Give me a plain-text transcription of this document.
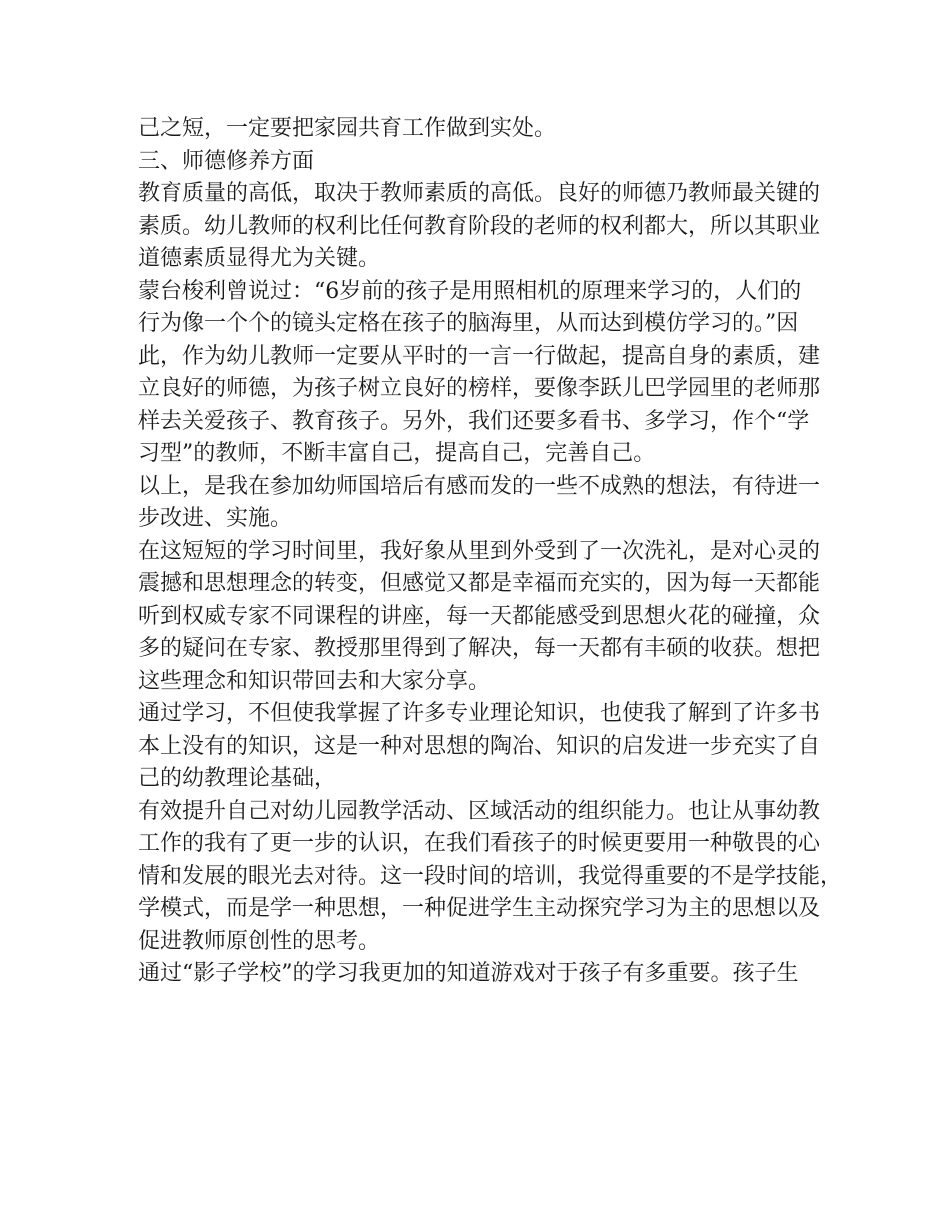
己之短，一定要把家园共育工作做到实处。
三、师德修养方面
教育质量的高低，取决于教师素质的高低。良好的师德乃教师最关键的
素质。幼儿教师的权利比任何教育阶段的老师的权利都大，所以其职业
道德素质显得尤为关键。
蒙台梭利曾说过：“6岁前的孩子是用照相机的原理来学习的，人们的
行为像一个个的镜头定格在孩子的脑海里，从而达到模仿学习的。”因
此，作为幼儿教师一定要从平时的一言一行做起，提高自身的素质，建
立良好的师德，为孩子树立良好的榜样，要像李跃儿巴学园里的老师那
样去关爱孩子、教育孩子。另外，我们还要多看书、多学习，作个“学
习型”的教师，不断丰富自己，提高自己，完善自己。
以上，是我在参加幼师国培后有感而发的一些不成熟的想法，有待进一
步改进、实施。
在这短短的学习时间里，我好象从里到外受到了一次洗礼，是对心灵的
震撼和思想理念的转变，但感觉又都是幸福而充实的，因为每一天都能
听到权威专家不同课程的讲座，每一天都能感受到思想火花的碰撞，众
多的疑问在专家、教授那里得到了解决，每一天都有丰硕的收获。想把
这些理念和知识带回去和大家分享。
通过学习，不但使我掌握了许多专业理论知识，也使我了解到了许多书
本上没有的知识，这是一种对思想的陶冶、知识的启发进一步充实了自
己的幼教理论基础，
有效提升自己对幼儿园教学活动、区域活动的组织能力。也让从事幼教
工作的我有了更一步的认识，在我们看孩子的时候更要用一种敬畏的心
情和发展的眼光去对待。这一段时间的培训，我觉得重要的不是学技能，
学模式，而是学一种思想，一种促进学生主动探究学习为主的思想以及
促进教师原创性的思考。
通过“影子学校”的学习我更加的知道游戏对于孩子有多重要。孩子生
